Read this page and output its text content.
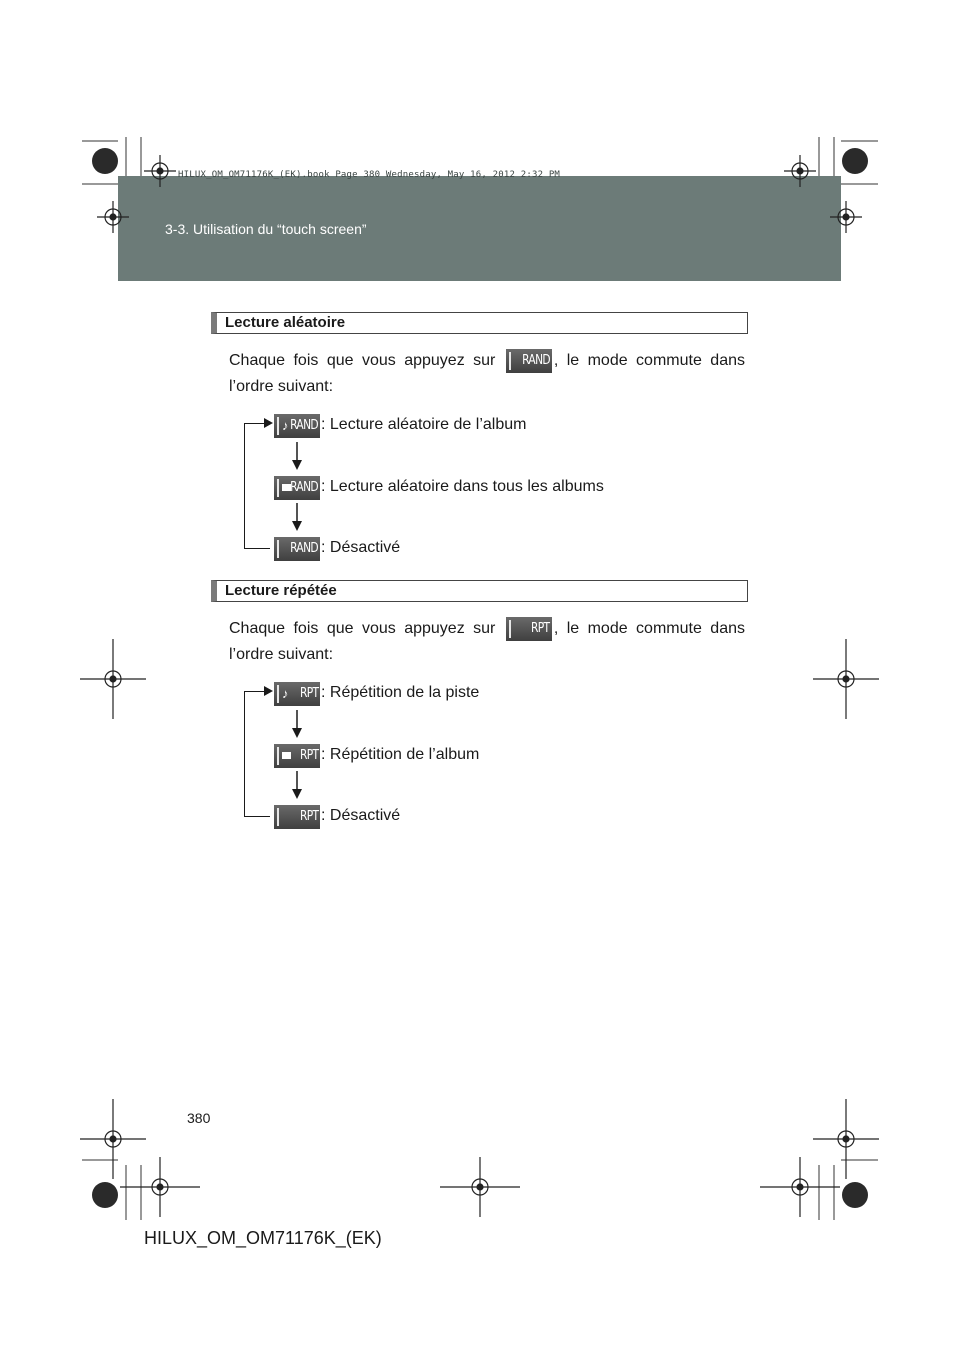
HILUX_OM_OM71176K_(EK).book Page 380 Wednesday, May 16, 2012 2:32 PM
3-3. Utilisation du “touch screen”
Lecture aléatoire
Chaque fois que vous appuyez sur RAND , le mode commute dans l’ordre suivant:
♪ RAND : Lecture aléatoire de l’album
RAND : Lecture aléatoire dans tous les albums
RAND : Désactivé
Lecture répétée
Chaque fois que vous appuyez sur	RPT , le mode commute dans l’ordre suivant:
♪ RPT : Répétition de la piste
RPT : Répétition de l’album
RPT : Désactivé
380
HILUX_OM_OM71176K_(EK)
